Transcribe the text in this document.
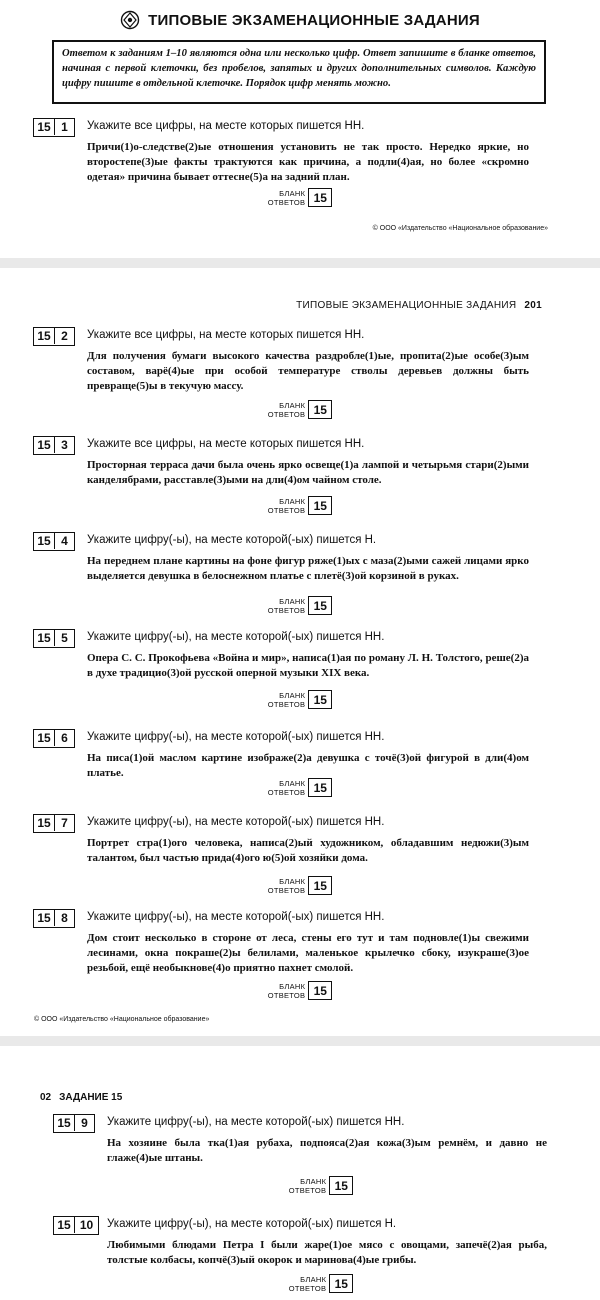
ТИПОВЫЕ ЭКЗАМЕНАЦИОННЫЕ ЗАДАНИЯ
Ответом к заданиям 1–10 являются одна или несколько цифр. Ответ запишите в бланке ответов, начиная с первой клеточки, без пробелов, запятых и других дополнительных символов. Каждую цифру пишите в отдельной клеточке. Порядок цифр менять можно.
15 1	Укажите все цифры, на месте которых пишется НН.
Причи(1)о-следстве(2)ые отношения установить не так просто. Нередко яркие, но второстепе(3)ые факты трактуются как причина, а подли(4)ая, но более «скромно одетая» причина бывает оттесне(5)а на задний план.
БЛАНК
ОТВЕТОВ 15
© ООО «Издательство «Национальное образование»
ТИПОВЫЕ ЭКЗАМЕНАЦИОННЫЕ ЗАДАНИЯ 201
15 2	Укажите все цифры, на месте которых пишется НН.
Для получения бумаги высокого качества раздробле(1)ые, пропита(2)ые особе(3)ым составом, варё(4)ые при особой температуре стволы деревьев должны быть превраще(5)ы в текучую массу.
БЛАНК
ОТВЕТОВ 15
15 3	Укажите все цифры, на месте которых пишется НН.
Просторная терраса дачи была очень ярко освеще(1)а лампой и четырьмя стари(2)ыми канделябрами, расставле(3)ыми на дли(4)ом чайном столе.
БЛАНК
ОТВЕТОВ 15
15 4	Укажите цифру(-ы), на месте которой(-ых) пишется Н.
На переднем плане картины на фоне фигур ряже(1)ых с маза(2)ыми сажей лицами ярко выделяется девушка в белоснежном платье с плетё(3)ой корзиной в руках.
БЛАНК
ОТВЕТОВ 15
15 5	Укажите цифру(-ы), на месте которой(-ых) пишется НН.
Опера С. С. Прокофьева «Война и мир», написа(1)ая по роману Л. Н. Толстого, реше(2)а в духе традицио(3)ой русской оперной музыки XIX века.
БЛАНК
ОТВЕТОВ 15
15 6	Укажите цифру(-ы), на месте которой(-ых) пишется НН.
На писа(1)ой маслом картине изображе(2)а девушка с точё(3)ой фигурой в дли(4)ом платье.
БЛАНК
ОТВЕТОВ 15
15 7	Укажите цифру(-ы), на месте которой(-ых) пишется НН.
Портрет стра(1)ого человека, написа(2)ый художником, обладавшим недюжи(3)ым талантом, был частью прида(4)ого ю(5)ой хозяйки дома.
БЛАНК
ОТВЕТОВ 15
15 8	Укажите цифру(-ы), на месте которой(-ых) пишется НН.
Дом стоит несколько в стороне от леса, стены его тут и там подновле(1)ы свежими лесинами, окна покраше(2)ы белилами, маленькое крылечко сбоку, изукраше(3)ое резьбой, ещё необыкнове(4)о приятно пахнет смолой.
БЛАНК
ОТВЕТОВ 15
© ООО «Издательство «Национальное образование»
02 ЗАДАНИЕ 15
15 9	Укажите цифру(-ы), на месте которой(-ых) пишется НН.
На хозяине была тка(1)ая рубаха, подпояса(2)ая кожа(3)ым ремнём, и давно не глаже(4)ые штаны.
БЛАНК
ОТВЕТОВ 15
15 10	Укажите цифру(-ы), на месте которой(-ых) пишется Н.
Любимыми блюдами Петра I были жаре(1)ое мясо с овощами, запечё(2)ая рыба, толстые колбасы, копчё(3)ый окорок и маринова(4)ые грибы.
БЛАНК
ОТВЕТОВ 15
